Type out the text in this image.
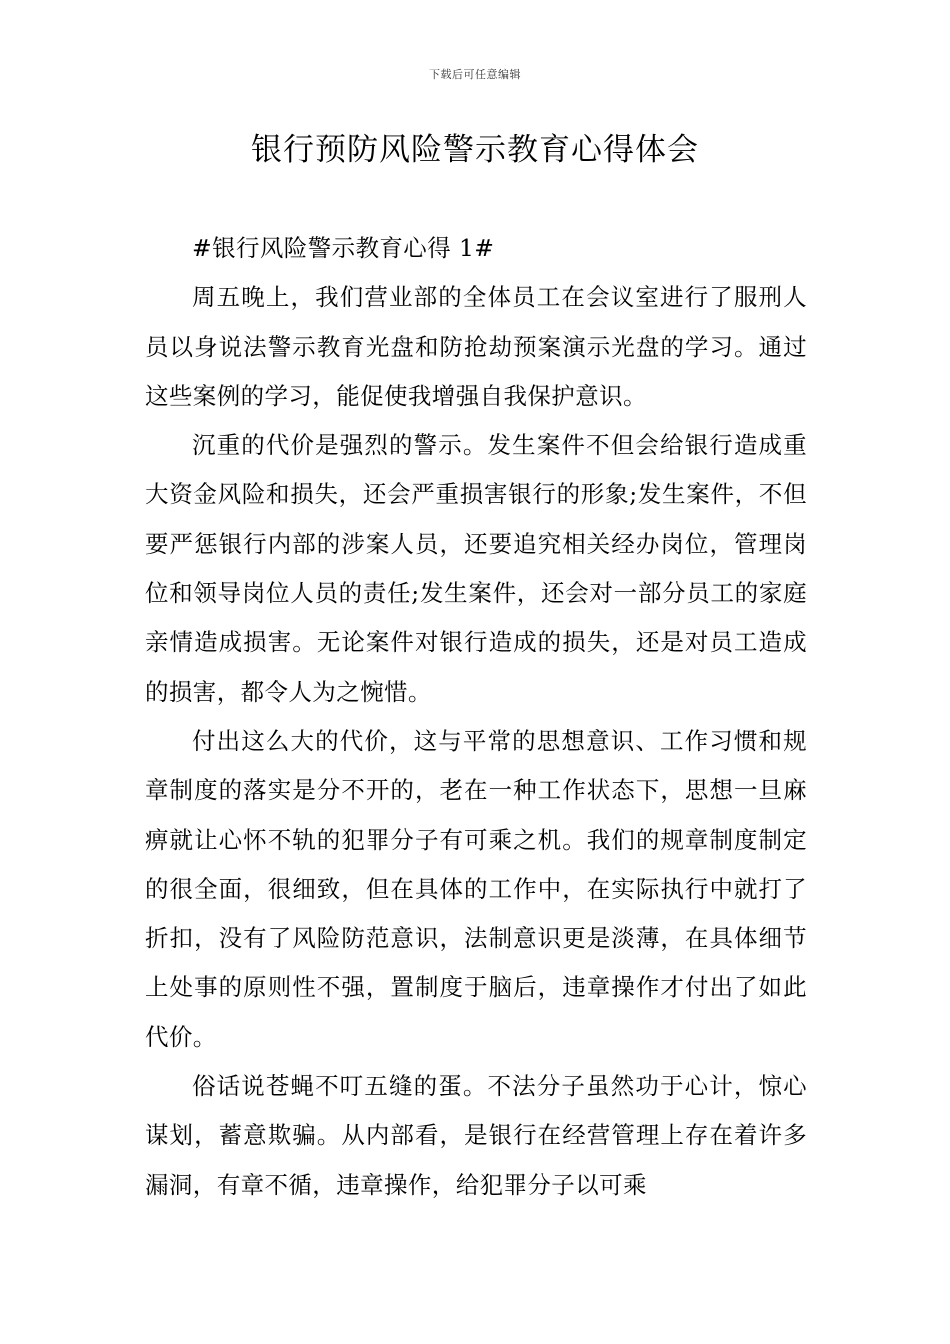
下载后可任意编辑
银行预防风险警示教育心得体会

#银行风险警示教育心得 1#

周五晚上，我们营业部的全体员工在会议室进行了服刑人员以身说法警示教育光盘和防抢劫预案演示光盘的学习。通过这些案例的学习，能促使我增强自我保护意识。

沉重的代价是强烈的警示。发生案件不但会给银行造成重大资金风险和损失，还会严重损害银行的形象;发生案件，不但要严惩银行内部的涉案人员，还要追究相关经办岗位，管理岗位和领导岗位人员的责任;发生案件，还会对一部分员工的家庭亲情造成损害。无论案件对银行造成的损失，还是对员工造成的损害，都令人为之惋惜。

付出这么大的代价，这与平常的思想意识、工作习惯和规章制度的落实是分不开的，老在一种工作状态下，思想一旦麻痹就让心怀不轨的犯罪分子有可乘之机。我们的规章制度制定的很全面，很细致，但在具体的工作中，在实际执行中就打了折扣，没有了风险防范意识，法制意识更是淡薄，在具体细节上处事的原则性不强，置制度于脑后，违章操作才付出了如此代价。

俗话说苍蝇不叮五缝的蛋。不法分子虽然功于心计，惊心谋划，蓄意欺骗。从内部看，是银行在经营管理上存在着许多漏洞，有章不循，违章操作，给犯罪分子以可乘
